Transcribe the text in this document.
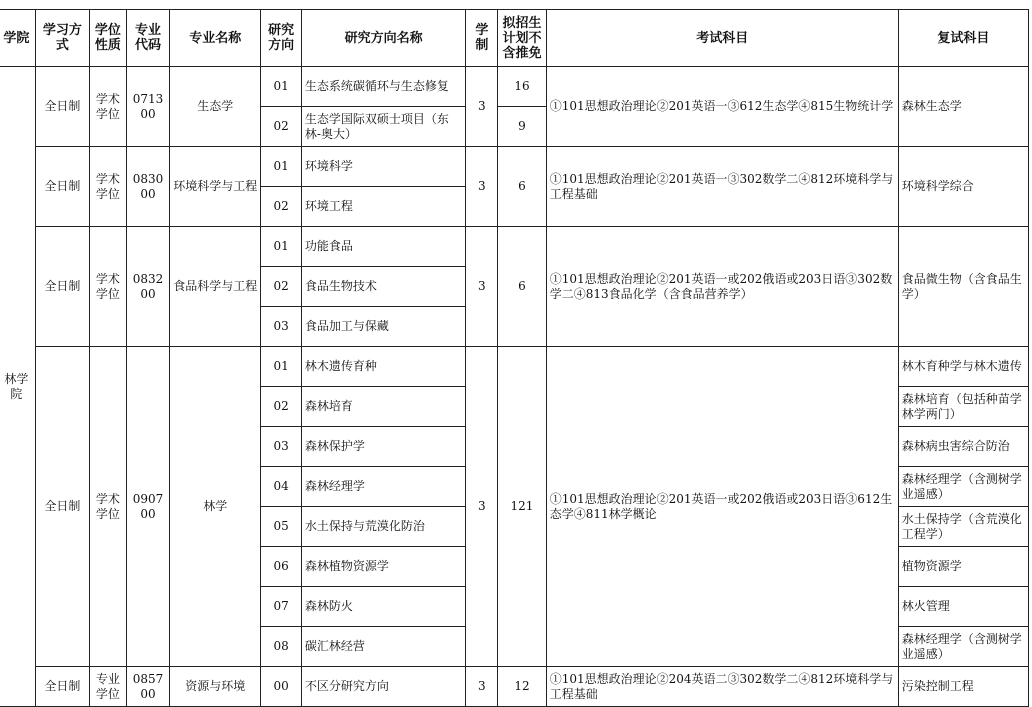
学院	学习方式	学位性质	专业代码	专业名称	研究方向	研究方向名称	学制	拟招生计划不含推免	考试科目	复试科目
林学院	全日制	学术学位	071300	生态学	01	生态系统碳循环与生态修复	3	16	①101思想政治理论②201英语一③612生态学④815生物统计学	森林生态学
					02	生态学国际双硕士项目（东林-奥大）		9		
	全日制	学术学位	083000	环境科学与工程	01	环境科学	3	6	①101思想政治理论②201英语一③302数学二④812环境科学与工程基础	环境科学综合
					02	环境工程				
	全日制	学术学位	083200	食品科学与工程	01	功能食品	3	6	①101思想政治理论②201英语一或202俄语或203日语③302数学二④813食品化学（含食品营养学）	食品微生物（含食品生学）
					02	食品生物技术				
					03	食品加工与保藏				
	全日制	学术学位	090700	林学	01	林木遗传育种	3	121	①101思想政治理论②201英语一或202俄语或203日语③612生态学④811林学概论	林木育种学与林木遗传
					02	森林培育				森林培育（包括种苗学林学两门）
					03	森林保护学				森林病虫害综合防治
					04	森林经理学				森林经理学（含测树学业遥感）
					05	水土保持与荒漠化防治				水土保持学（含荒漠化工程学）
					06	森林植物资源学				植物资源学
					07	森林防火				林火管理
					08	碳汇林经营				森林经理学（含测树学业遥感）
	全日制	专业学位	085700	资源与环境	00	不区分研究方向	3	12	①101思想政治理论②204英语二③302数学二④812环境科学与工程基础	污染控制工程
